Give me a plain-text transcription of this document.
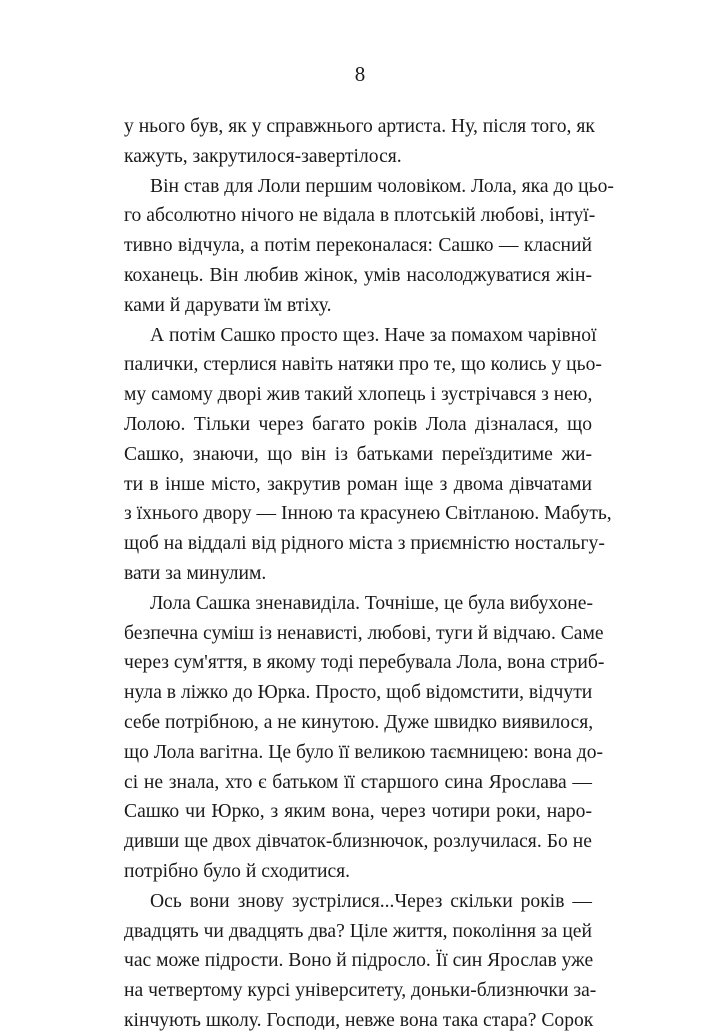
8
у нього був, як у справжнього артиста. Ну, після того, як
кажуть, закрутилося-завертілося.
Він став для Лоли першим чоловіком. Лола, яка до цьо-
го абсолютно нічого не відала в плотській любові, інтуї-
тивно відчула, а потім переконалася: Сашко — класний
коханець. Він любив жінок, умів насолоджуватися жін-
ками й дарувати їм втіху.
А потім Сашко просто щез. Наче за помахом чарівної
палички, стерлися навіть натяки про те, що колись у цьо-
му самому дворі жив такий хлопець і зустрічався з нею,
Лолою. Тільки через багато років Лола дізналася, що
Сашко, знаючи, що він із батьками переїздитиме жи-
ти в інше місто, закрутив роман іще з двома дівчатами
з їхнього двору — Інною та красунею Світланою. Мабуть,
щоб на віддалі від рідного міста з приємністю ностальгу-
вати за минулим.
Лола Сашка зненавиділа. Точніше, це була вибухоне-
безпечна суміш із ненависті, любові, туги й відчаю. Саме
через сум'яття, в якому тоді перебувала Лола, вона стриб-
нула в ліжко до Юрка. Просто, щоб відомстити, відчути
себе потрібною, а не кинутою. Дуже швидко виявилося,
що Лола вагітна. Це було її великою таємницею: вона до-
сі не знала, хто є батьком її старшого сина Ярослава —
Сашко чи Юрко, з яким вона, через чотири роки, наро-
дивши ще двох дівчаток-близнючок, розлучилася. Бо не
потрібно було й сходитися.
Ось вони знову зустрілися...Через скільки років —
двадцять чи двадцять два? Ціле життя, покоління за цей
час може підрости. Воно й підросло. Її син Ярослав уже
на четвертому курсі університету, доньки-близнючки за-
кінчують школу. Господи, невже вона така стара? Сорок
